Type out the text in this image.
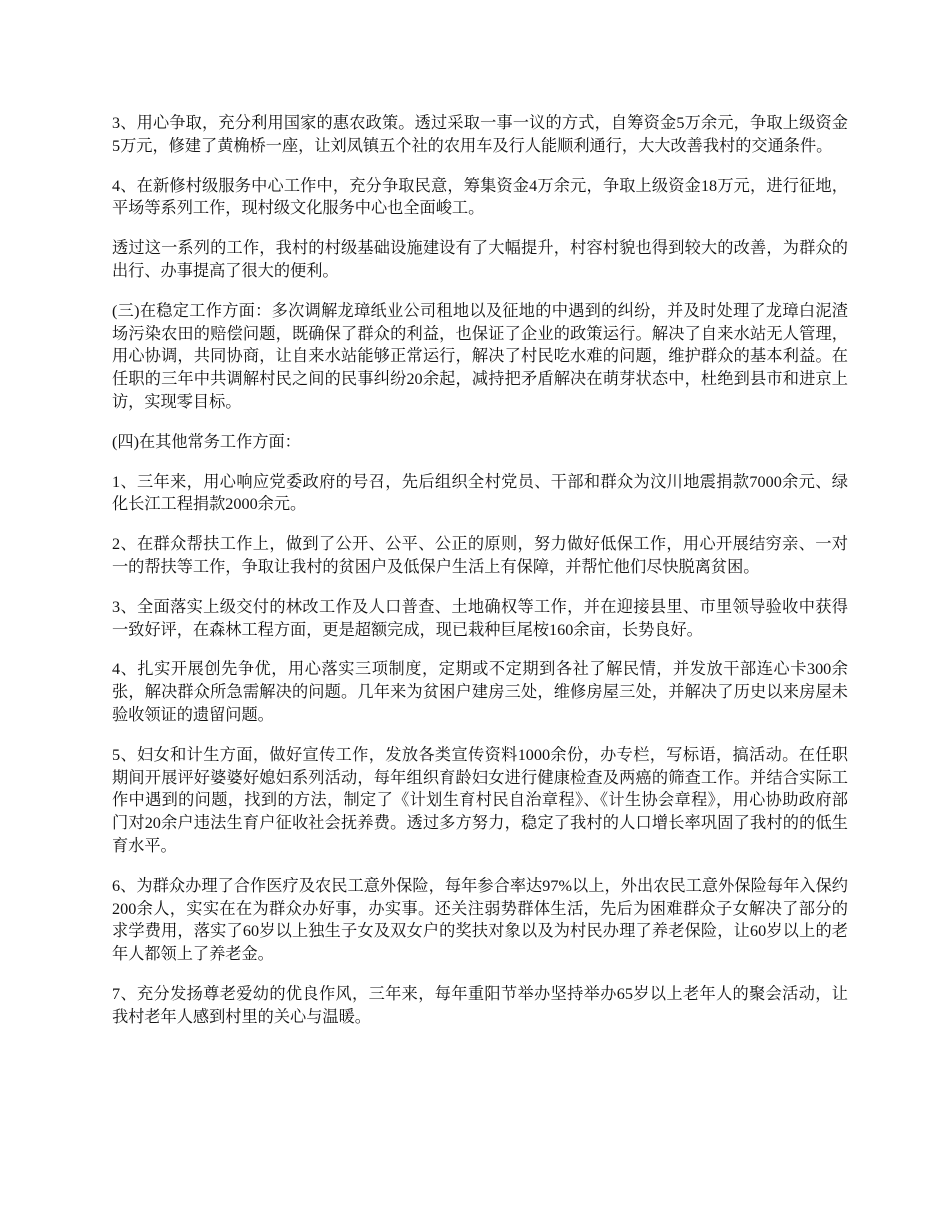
3、用心争取，充分利用国家的惠农政策。透过采取一事一议的方式，自筹资金5万余元，争取上级资金5万元，修建了黄桷桥一座，让刘凤镇五个社的农用车及行人能顺利通行，大大改善我村的交通条件。

4、在新修村级服务中心工作中，充分争取民意，筹集资金4万余元，争取上级资金18万元，进行征地，平场等系列工作，现村级文化服务中心也全面峻工。

透过这一系列的工作，我村的村级基础设施建设有了大幅提升，村容村貌也得到较大的改善，为群众的出行、办事提高了很大的便利。

(三)在稳定工作方面：多次调解龙璋纸业公司租地以及征地的中遇到的纠纷，并及时处理了龙璋白泥渣场污染农田的赔偿问题，既确保了群众的利益，也保证了企业的政策运行。解决了自来水站无人管理，用心协调，共同协商，让自来水站能够正常运行，解决了村民吃水难的问题，维护群众的基本利益。在任职的三年中共调解村民之间的民事纠纷20余起，减持把矛盾解决在萌芽状态中，杜绝到县市和进京上访，实现零目标。

(四)在其他常务工作方面：

1、三年来，用心响应党委政府的号召，先后组织全村党员、干部和群众为汶川地震捐款7000余元、绿化长江工程捐款2000余元。

2、在群众帮扶工作上，做到了公开、公平、公正的原则，努力做好低保工作，用心开展结穷亲、一对一的帮扶等工作，争取让我村的贫困户及低保户生活上有保障，并帮忙他们尽快脱离贫困。

3、全面落实上级交付的林改工作及人口普查、土地确权等工作，并在迎接县里、市里领导验收中获得一致好评，在森林工程方面，更是超额完成，现已栽种巨尾桉160余亩，长势良好。

4、扎实开展创先争优，用心落实三项制度，定期或不定期到各社了解民情，并发放干部连心卡300余张，解决群众所急需解决的问题。几年来为贫困户建房三处，维修房屋三处，并解决了历史以来房屋未验收领证的遗留问题。

5、妇女和计生方面，做好宣传工作，发放各类宣传资料1000余份，办专栏，写标语，搞活动。在任职期间开展评好婆婆好媳妇系列活动，每年组织育龄妇女进行健康检查及两癌的筛查工作。并结合实际工作中遇到的问题，找到的方法，制定了《计划生育村民自治章程》、《计生协会章程》，用心协助政府部门对20余户违法生育户征收社会抚养费。透过多方努力，稳定了我村的人口增长率巩固了我村的的低生育水平。

6、为群众办理了合作医疗及农民工意外保险，每年参合率达97%以上，外出农民工意外保险每年入保约200余人，实实在在为群众办好事，办实事。还关注弱势群体生活，先后为困难群众子女解决了部分的求学费用，落实了60岁以上独生子女及双女户的奖扶对象以及为村民办理了养老保险，让60岁以上的老年人都领上了养老金。

7、充分发扬尊老爱幼的优良作风，三年来，每年重阳节举办坚持举办65岁以上老年人的聚会活动，让我村老年人感到村里的关心与温暖。
